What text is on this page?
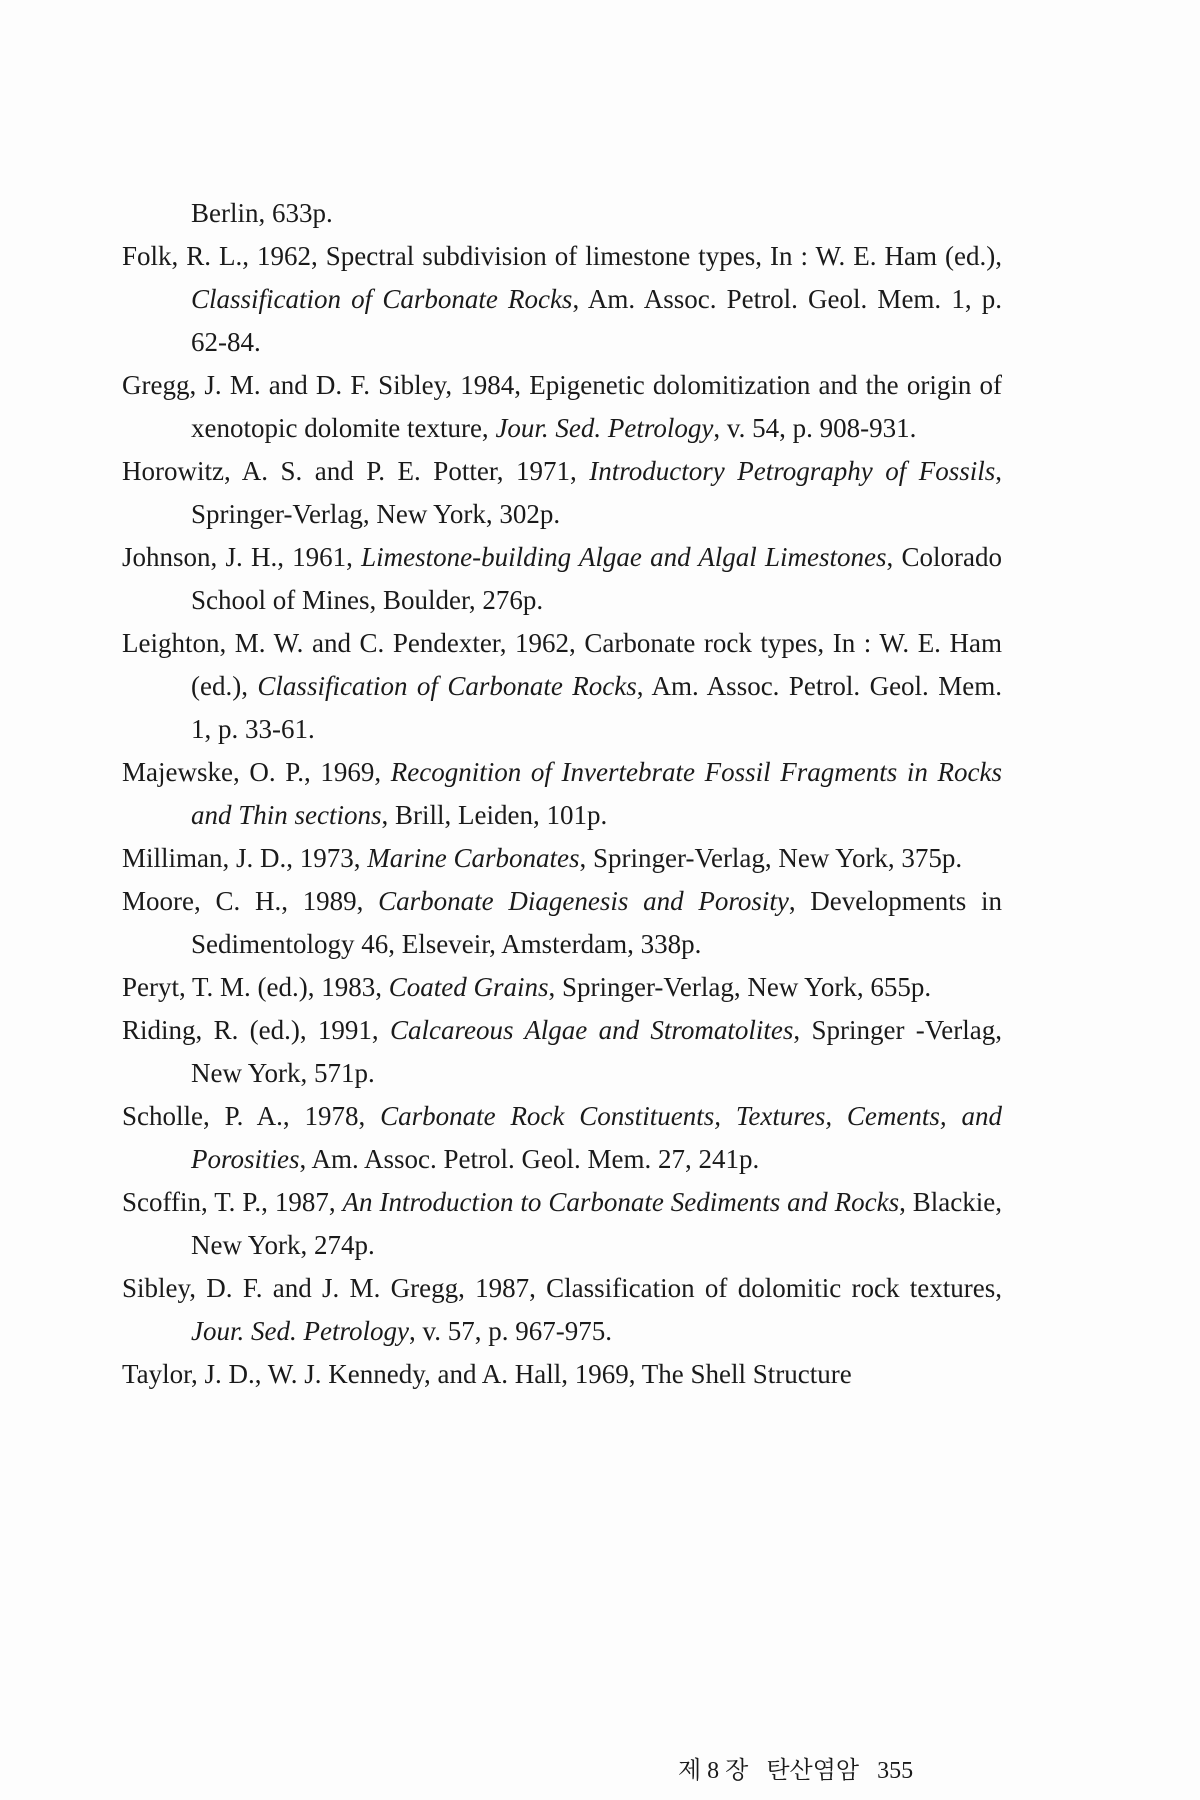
Berlin, 633p.
Folk, R. L., 1962, Spectral subdivision of limestone types, In : W. E. Ham (ed.), Classification of Carbonate Rocks, Am. Assoc. Petrol. Geol. Mem. 1, p. 62-84.
Gregg, J. M. and D. F. Sibley, 1984, Epigenetic dolomitization and the origin of xenotopic dolomite texture, Jour. Sed. Petrology, v. 54, p. 908-931.
Horowitz, A. S. and P. E. Potter, 1971, Introductory Petrography of Fossils, Springer-Verlag, New York, 302p.
Johnson, J. H., 1961, Limestone-building Algae and Algal Limestones, Colorado School of Mines, Boulder, 276p.
Leighton, M. W. and C. Pendexter, 1962, Carbonate rock types, In : W. E. Ham (ed.), Classification of Carbonate Rocks, Am. Assoc. Petrol. Geol. Mem. 1, p. 33-61.
Majewske, O. P., 1969, Recognition of Invertebrate Fossil Fragments in Rocks and Thin sections, Brill, Leiden, 101p.
Milliman, J. D., 1973, Marine Carbonates, Springer-Verlag, New York, 375p.
Moore, C. H., 1989, Carbonate Diagenesis and Porosity, Developments in Sedimentology 46, Elseveir, Amsterdam, 338p.
Peryt, T. M. (ed.), 1983, Coated Grains, Springer-Verlag, New York, 655p.
Riding, R. (ed.), 1991, Calcareous Algae and Stromatolites, Springer -Verlag, New York, 571p.
Scholle, P. A., 1978, Carbonate Rock Constituents, Textures, Cements, and Porosities, Am. Assoc. Petrol. Geol. Mem. 27, 241p.
Scoffin, T. P., 1987, An Introduction to Carbonate Sediments and Rocks, Blackie, New York, 274p.
Sibley, D. F. and J. M. Gregg, 1987, Classification of dolomitic rock textures, Jour. Sed. Petrology, v. 57, p. 967-975.
Taylor, J. D., W. J. Kennedy, and A. Hall, 1969, The Shell Structure
제 8 장 탄산염암 355
